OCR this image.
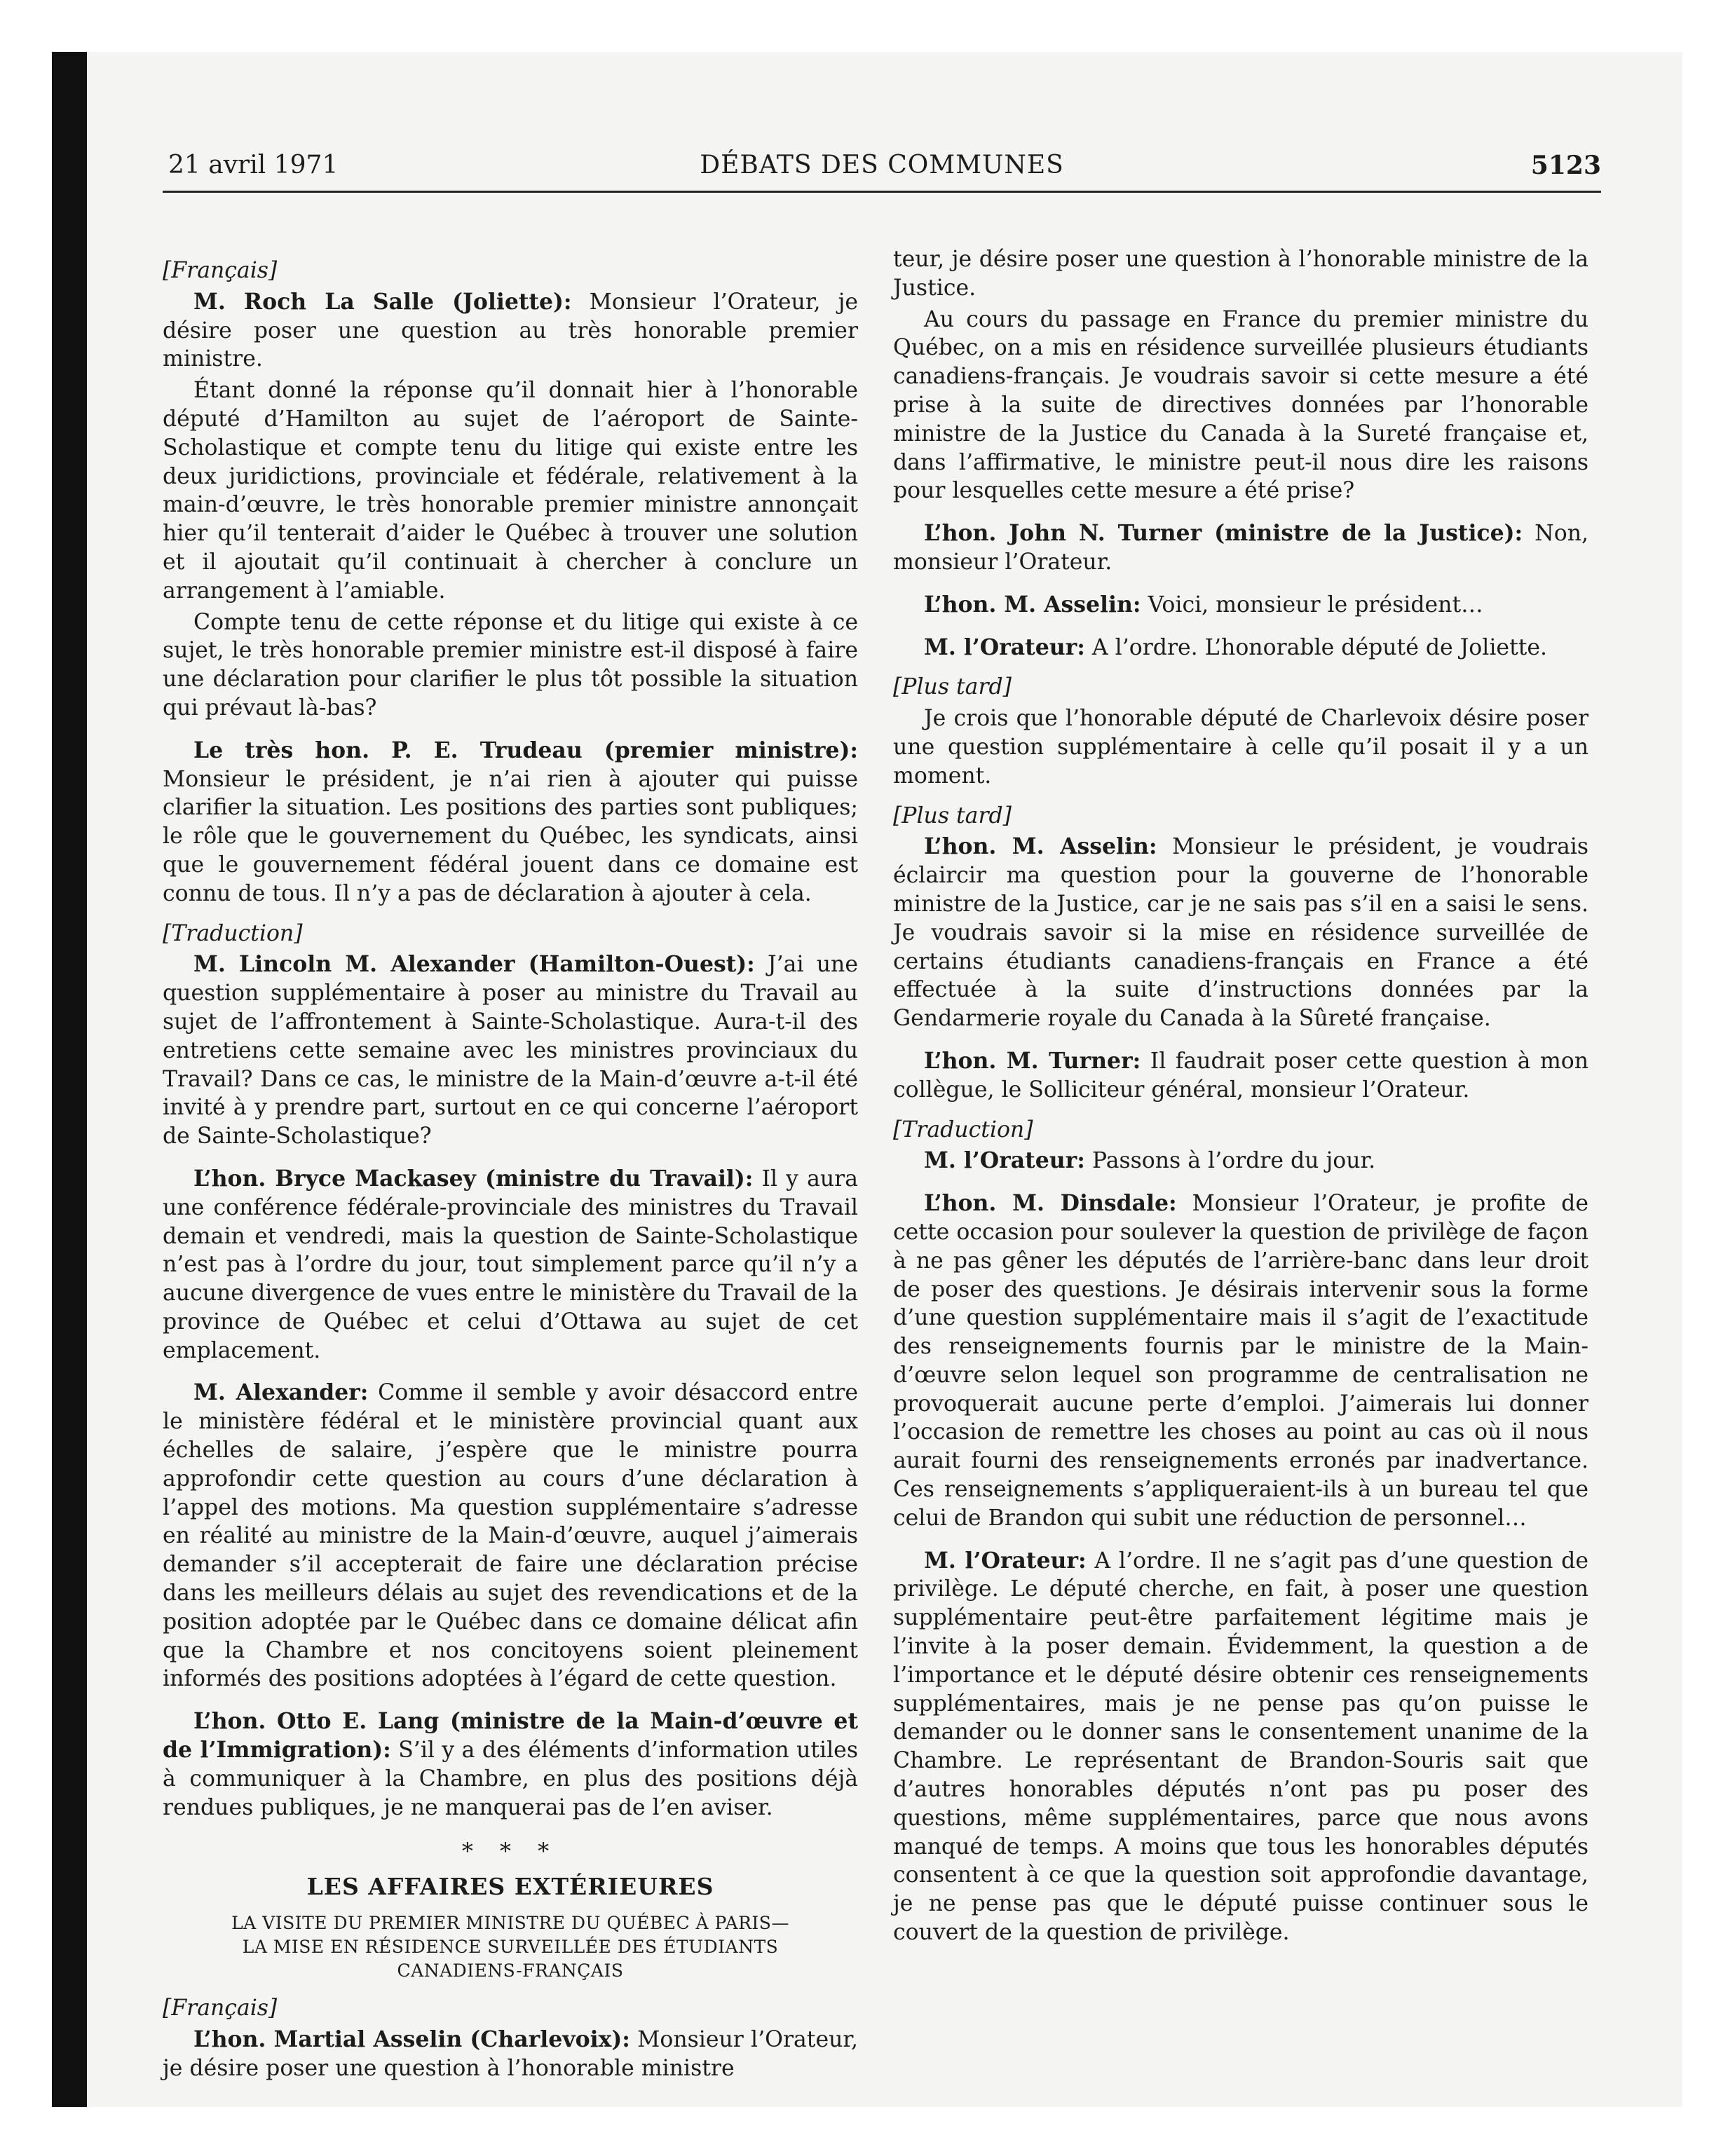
21 avril 1971	DÉBATS DES COMMUNES	5123
[Français]

M. Roch La Salle (Joliette): Monsieur l’Orateur, je désire poser une question au très honorable premier ministre.

Étant donné la réponse qu’il donnait hier à l’honorable député d’Hamilton au sujet de l’aéroport de Sainte-Scholastique et compte tenu du litige qui existe entre les deux juridictions, provinciale et fédérale, relativement à la main-d’œuvre, le très honorable premier ministre annonçait hier qu’il tenterait d’aider le Québec à trouver une solution et il ajoutait qu’il continuait à chercher à conclure un arrangement à l’amiable.

Compte tenu de cette réponse et du litige qui existe à ce sujet, le très honorable premier ministre est-il disposé à faire une déclaration pour clarifier le plus tôt possible la situation qui prévaut là-bas?

Le très hon. P. E. Trudeau (premier ministre): Monsieur le président, je n’ai rien à ajouter qui puisse clarifier la situation. Les positions des parties sont publiques; le rôle que le gouvernement du Québec, les syndicats, ainsi que le gouvernement fédéral jouent dans ce domaine est connu de tous. Il n’y a pas de déclaration à ajouter à cela.

[Traduction]

M. Lincoln M. Alexander (Hamilton-Ouest): J’ai une question supplémentaire à poser au ministre du Travail au sujet de l’affrontement à Sainte-Scholastique. Aura-t-il des entretiens cette semaine avec les ministres provinciaux du Travail? Dans ce cas, le ministre de la Main-d’œuvre a-t-il été invité à y prendre part, surtout en ce qui concerne l’aéroport de Sainte-Scholastique?

L’hon. Bryce Mackasey (ministre du Travail): Il y aura une conférence fédérale-provinciale des ministres du Travail demain et vendredi, mais la question de Sainte-Scholastique n’est pas à l’ordre du jour, tout simplement parce qu’il n’y a aucune divergence de vues entre le ministère du Travail de la province de Québec et celui d’Ottawa au sujet de cet emplacement.

M. Alexander: Comme il semble y avoir désaccord entre le ministère fédéral et le ministère provincial quant aux échelles de salaire, j’espère que le ministre pourra approfondir cette question au cours d’une déclaration à l’appel des motions. Ma question supplémentaire s’adresse en réalité au ministre de la Main-d’œuvre, auquel j’aimerais demander s’il accepterait de faire une déclaration précise dans les meilleurs délais au sujet des revendications et de la position adoptée par le Québec dans ce domaine délicat afin que la Chambre et nos concitoyens soient pleinement informés des positions adoptées à l’égard de cette question.

L’hon. Otto E. Lang (ministre de la Main-d’œuvre et de l’Immigration): S’il y a des éléments d’information utiles à communiquer à la Chambre, en plus des positions déjà rendues publiques, je ne manquerai pas de l’en aviser.

* * *
LES AFFAIRES EXTÉRIEURES
LA VISITE DU PREMIER MINISTRE DU QUÉBEC À PARIS—
LA MISE EN RÉSIDENCE SURVEILLÉE DES ÉTUDIANTS
CANADIENS-FRANÇAIS
[Français]

L’hon. Martial Asselin (Charlevoix): Monsieur l’Orateur, je désire poser une question à l’honorable ministre

teur, je désire poser une question à l’honorable ministre de la Justice.

Au cours du passage en France du premier ministre du Québec, on a mis en résidence surveillée plusieurs étudiants canadiens-français. Je voudrais savoir si cette mesure a été prise à la suite de directives données par l’honorable ministre de la Justice du Canada à la Sureté française et, dans l’affirmative, le ministre peut-il nous dire les raisons pour lesquelles cette mesure a été prise?

L’hon. John N. Turner (ministre de la Justice): Non, monsieur l’Orateur.

L’hon. M. Asselin: Voici, monsieur le président…

M. l’Orateur: A l’ordre. L’honorable député de Joliette.

[Plus tard]

Je crois que l’honorable député de Charlevoix désire poser une question supplémentaire à celle qu’il posait il y a un moment.

[Plus tard]

L’hon. M. Asselin: Monsieur le président, je voudrais éclaircir ma question pour la gouverne de l’honorable ministre de la Justice, car je ne sais pas s’il en a saisi le sens. Je voudrais savoir si la mise en résidence surveillée de certains étudiants canadiens-français en France a été effectuée à la suite d’instructions données par la Gendarmerie royale du Canada à la Sûreté française.

L’hon. M. Turner: Il faudrait poser cette question à mon collègue, le Solliciteur général, monsieur l’Orateur.

[Traduction]

M. l’Orateur: Passons à l’ordre du jour.

L’hon. M. Dinsdale: Monsieur l’Orateur, je profite de cette occasion pour soulever la question de privilège de façon à ne pas gêner les députés de l’arrière-banc dans leur droit de poser des questions. Je désirais intervenir sous la forme d’une question supplémentaire mais il s’agit de l’exactitude des renseignements fournis par le ministre de la Main-d’œuvre selon lequel son programme de centralisation ne provoquerait aucune perte d’emploi. J’aimerais lui donner l’occasion de remettre les choses au point au cas où il nous aurait fourni des renseignements erronés par inadvertance. Ces renseignements s’appliqueraient-ils à un bureau tel que celui de Brandon qui subit une réduction de personnel…

M. l’Orateur: A l’ordre. Il ne s’agit pas d’une question de privilège. Le député cherche, en fait, à poser une question supplémentaire peut-être parfaitement légitime mais je l’invite à la poser demain. Évidemment, la question a de l’importance et le député désire obtenir ces renseignements supplémentaires, mais je ne pense pas qu’on puisse le demander ou le donner sans le consentement unanime de la Chambre. Le représentant de Brandon-Souris sait que d’autres honorables députés n’ont pas pu poser des questions, même supplémentaires, parce que nous avons manqué de temps. A moins que tous les honorables députés consentent à ce que la question soit approfondie davantage, je ne pense pas que le député puisse continuer sous le couvert de la question de privilège.
